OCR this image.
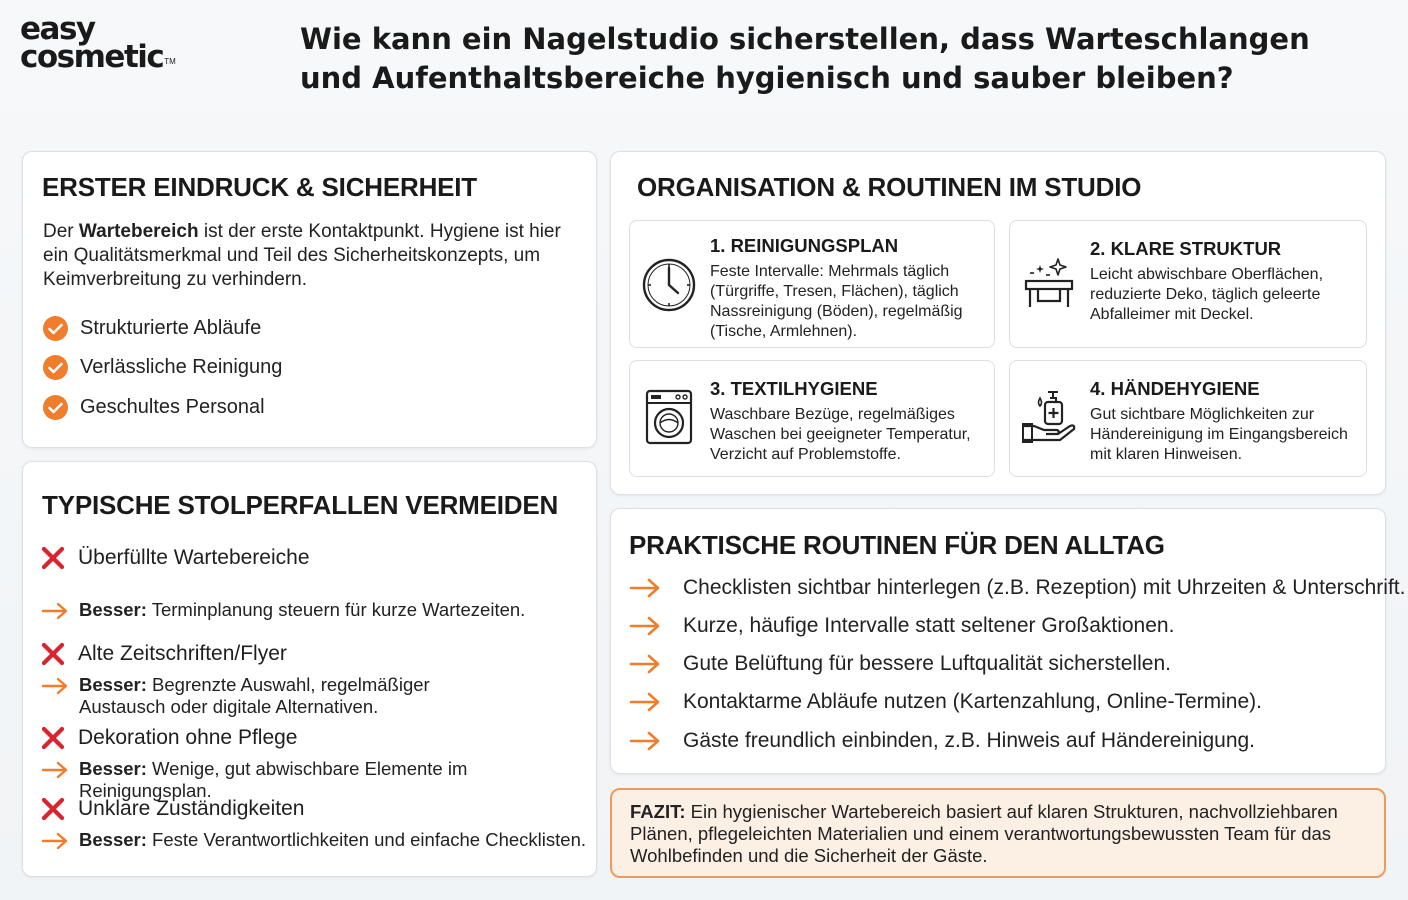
easy
cosmeticTM
Wie kann ein Nagelstudio sicherstellen, dass Warteschlangen und Aufenthaltsbereiche hygienisch und sauber bleiben?
ERSTER EINDRUCK & SICHERHEIT
Der Wartebereich ist der erste Kontaktpunkt. Hygiene ist hier ein Qualitätsmerkmal und Teil des Sicherheitskonzepts, um Keimverbreitung zu verhindern.
Strukturierte Abläufe
Verlässliche Reinigung
Geschultes Personal
TYPISCHE STOLPERFALLEN VERMEIDEN
Überfüllte Wartebereiche
Besser: Terminplanung steuern für kurze Wartezeiten.
Alte Zeitschriften/Flyer
Besser: Begrenzte Auswahl, regelmäßiger Austausch oder digitale Alternativen.
Dekoration ohne Pflege
Besser: Wenige, gut abwischbare Elemente im Reinigungsplan.
Unklare Zuständigkeiten
Besser: Feste Verantwortlichkeiten und einfache Checklisten.
ORGANISATION & ROUTINEN IM STUDIO
1. REINIGUNGSPLAN
Feste Intervalle: Mehrmals täglich (Türgriffe, Tresen, Flächen), täglich Nassreinigung (Böden), regelmäßig (Tische, Armlehnen).
2. KLARE STRUKTUR
Leicht abwischbare Oberflächen, reduzierte Deko, täglich geleerte Abfalleimer mit Deckel.
3. TEXTILHYGIENE
Waschbare Bezüge, regelmäßiges Waschen bei geeigneter Temperatur, Verzicht auf Problemstoffe.
4. HÄNDEHYGIENE
Gut sichtbare Möglichkeiten zur Händereinigung im Eingangsbereich mit klaren Hinweisen.
PRAKTISCHE ROUTINEN FÜR DEN ALLTAG
Checklisten sichtbar hinterlegen (z.B. Rezeption) mit Uhrzeiten & Unterschrift.
Kurze, häufige Intervalle statt seltener Großaktionen.
Gute Belüftung für bessere Luftqualität sicherstellen.
Kontaktarme Abläufe nutzen (Kartenzahlung, Online-Termine).
Gäste freundlich einbinden, z.B. Hinweis auf Händereinigung.
FAZIT: Ein hygienischer Wartebereich basiert auf klaren Strukturen, nachvollziehbaren Plänen, pflegeleichten Materialien und einem verantwortungsbewussten Team für das Wohlbefinden und die Sicherheit der Gäste.
